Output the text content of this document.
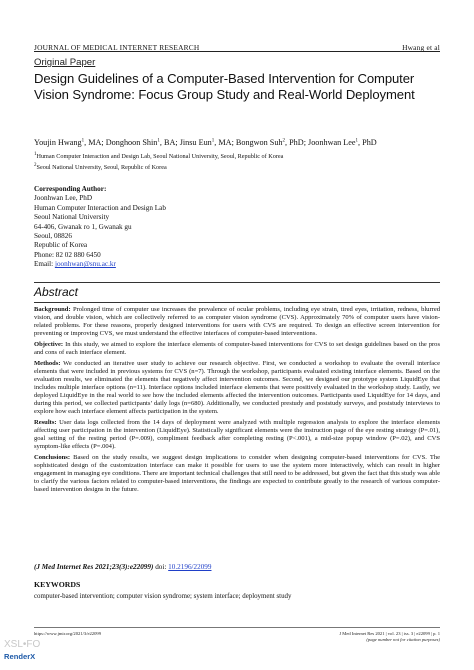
JOURNAL OF MEDICAL INTERNET RESEARCH	Hwang et al
Original Paper
Design Guidelines of a Computer-Based Intervention for Computer Vision Syndrome: Focus Group Study and Real-World Deployment
Youjin Hwang$^1$, MA; Donghoon Shin$^1$, BA; Jinsu Eun$^1$, MA; Bongwon Suh$^2$, PhD; Joonhwan Lee$^1$, PhD
$^1$Human Computer Interaction and Design Lab, Seoul National University, Seoul, Republic of Korea
$^2$Seoul National University, Seoul, Republic of Korea
Corresponding Author:
Joonhwan Lee, PhD
Human Computer Interaction and Design Lab
Seoul National University
64-406, Gwanak ro 1, Gwanak gu
Seoul, 08826
Republic of Korea
Phone: 82 02 880 6450
Email: joonhwan@snu.ac.kr
Abstract

Background: Prolonged time of computer use increases the prevalence of ocular problems, including eye strain, tired eyes, irritation, redness, blurred vision, and double vision, which are collectively referred to as computer vision syndrome (CVS). Approximately 70% of computer users have vision-related problems. For these reasons, properly designed interventions for users with CVS are required. To design an effective screen intervention for preventing or improving CVS, we must understand the effective interfaces of computer-based interventions.

Objective: In this study, we aimed to explore the interface elements of computer-based interventions for CVS to set design guidelines based on the pros and cons of each interface element.

Methods: We conducted an iterative user study to achieve our research objective. First, we conducted a workshop to evaluate the overall interface elements that were included in previous systems for CVS (n=7). Through the workshop, participants evaluated existing interface elements. Based on the evaluation results, we eliminated the elements that negatively affect intervention outcomes. Second, we designed our prototype system LiquidEye that includes multiple interface options (n=11). Interface options included interface elements that were positively evaluated in the workshop study. Lastly, we deployed LiquidEye in the real world to see how the included elements affected the intervention outcomes. Participants used LiquidEye for 14 days, and during this period, we collected participants’ daily logs (n=680). Additionally, we conducted prestudy and poststudy surveys, and poststudy interviews to explore how each interface element affects participation in the system.

Results: User data logs collected from the 14 days of deployment were analyzed with multiple regression analysis to explore the interface elements affecting user participation in the intervention (LiquidEye). Statistically significant elements were the instruction page of the eye resting strategy (P=.01), goal setting of the resting period (P=.009), compliment feedback after completing resting (P<.001), a mid-size popup window (P=.02), and CVS symptom-like effects (P=.004).

Conclusions: Based on the study results, we suggest design implications to consider when designing computer-based interventions for CVS. The sophisticated design of the customization interface can make it possible for users to use the system more interactively, which can result in higher engagement in managing eye conditions. There are important technical challenges that still need to be addressed, but given the fact that this study was able to clarify the various factors related to computer-based interventions, the findings are expected to contribute greatly to the research of various computer-based intervention designs in the future.

(J Med Internet Res 2021;23(3):e22099) doi: 10.2196/22099
KEYWORDS
computer-based intervention; computer vision syndrome; system interface; deployment study
https://www.jmir.org/2021/3/e22099	J Med Internet Res 2021 | vol. 23 | iss. 3 | e22099 | p. 1
(page number not for citation purposes)
XSL•FO
RenderX
